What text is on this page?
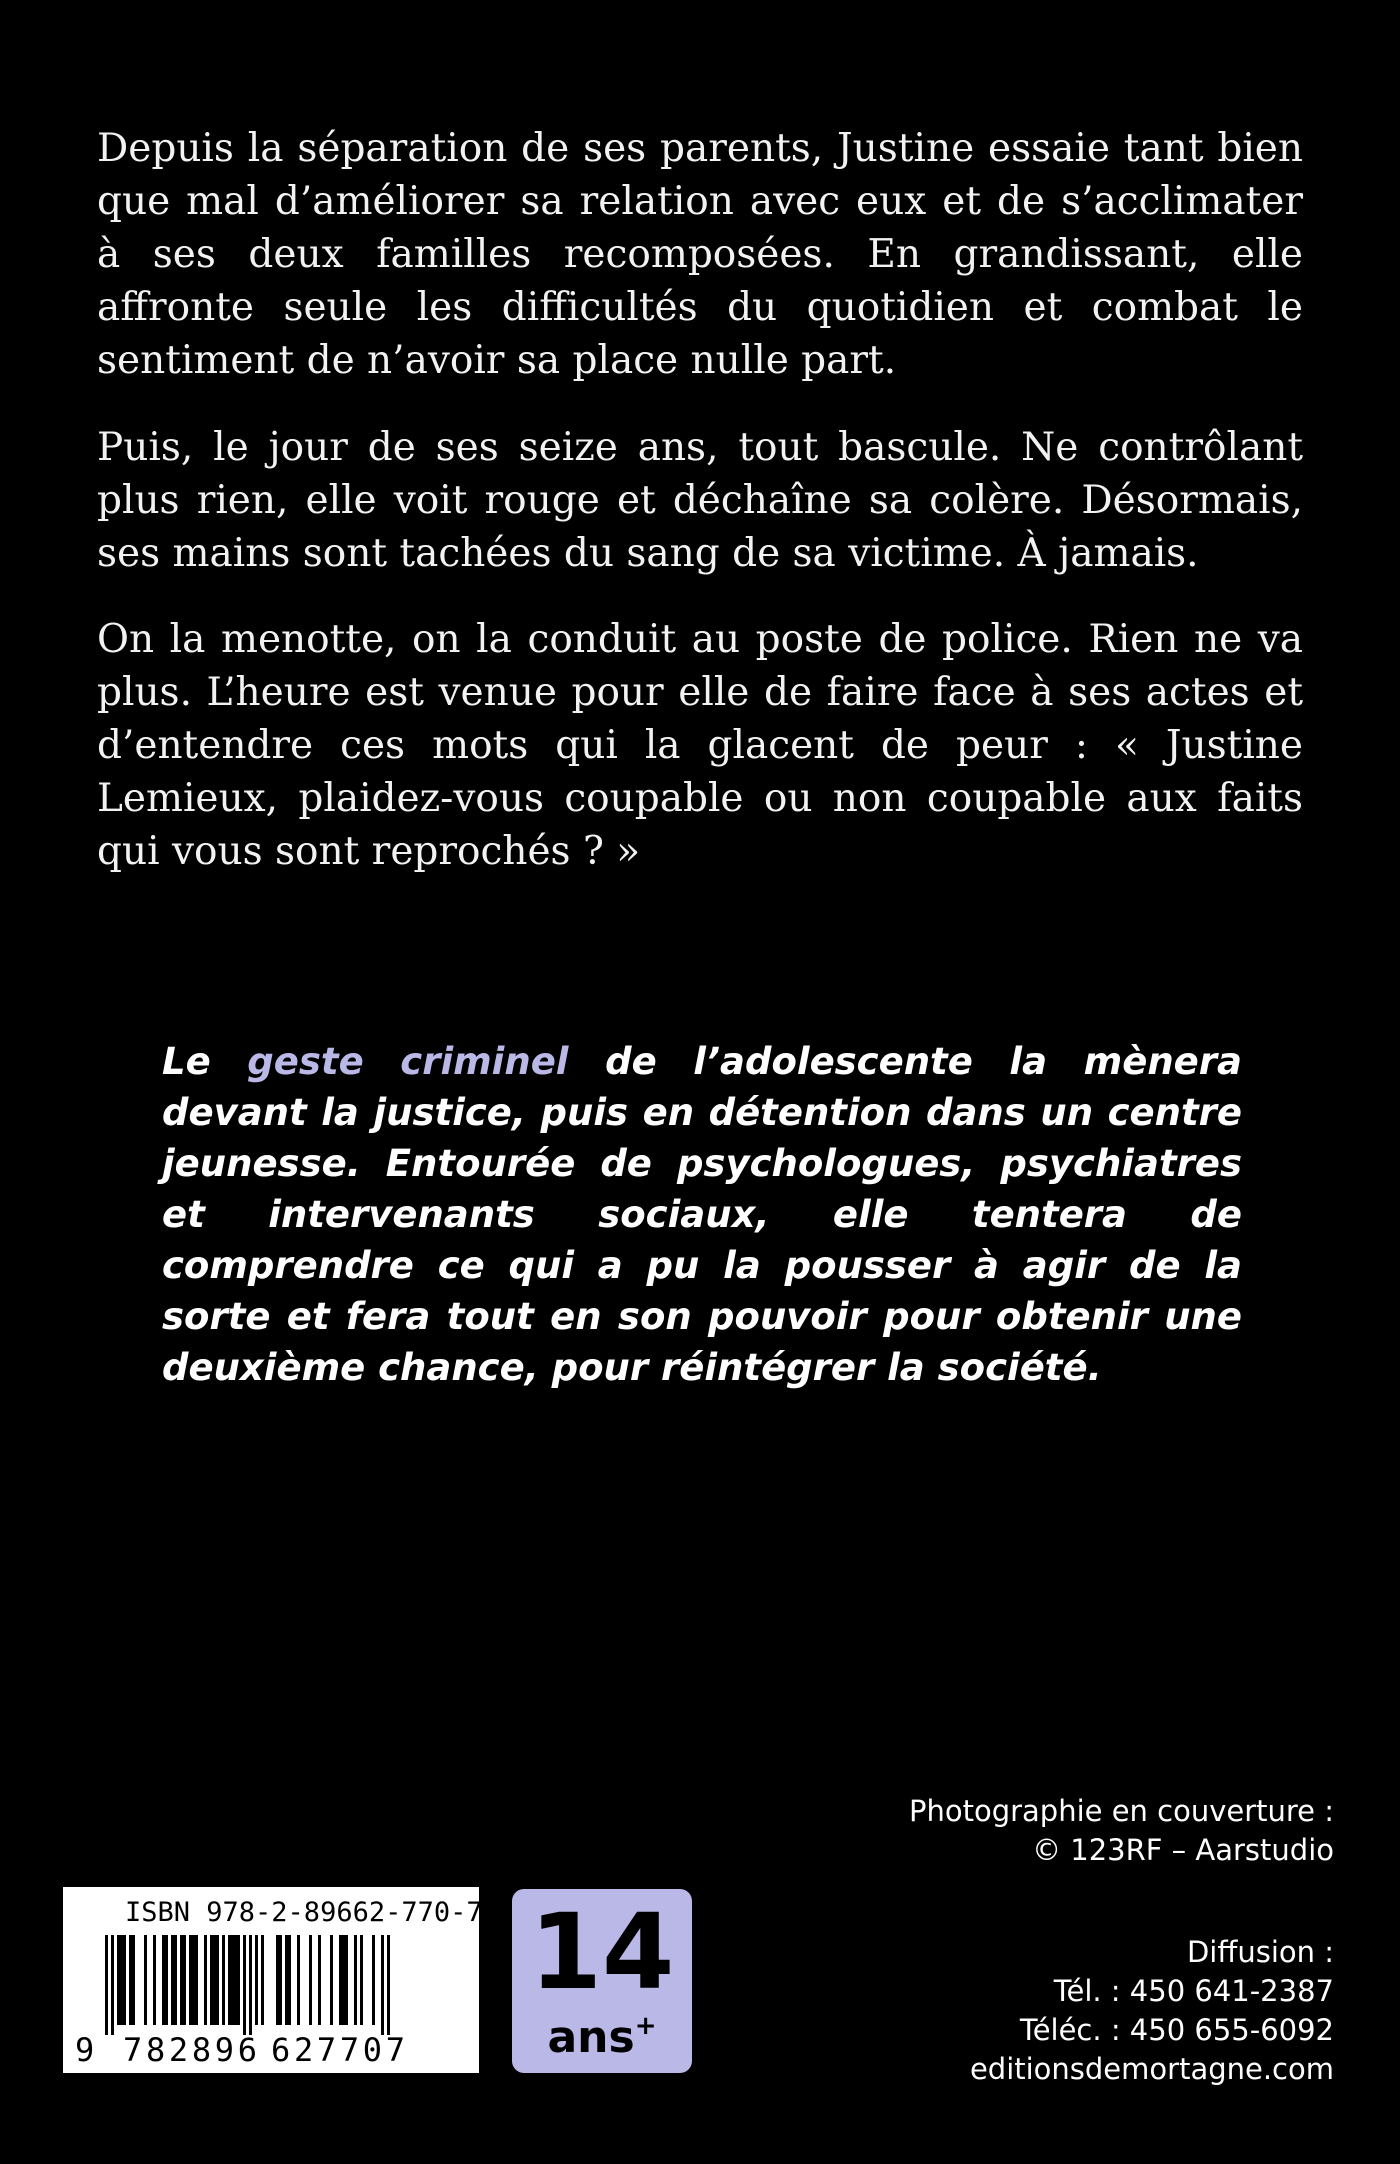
Depuis la séparation de ses parents, Justine essaie tant bien que mal d’améliorer sa relation avec eux et de s’acclimater à ses deux familles recomposées. En grandissant, elle affronte seule les difficultés du quotidien et combat le sentiment de n’avoir sa place nulle part.

Puis, le jour de ses seize ans, tout bascule. Ne contrôlant plus rien, elle voit rouge et déchaîne sa colère. Désormais, ses mains sont tachées du sang de sa victime. À jamais.

On la menotte, on la conduit au poste de police. Rien ne va plus. L’heure est venue pour elle de faire face à ses actes et d’entendre ces mots qui la glacent de peur : « Justine Lemieux, plaidez-vous coupable ou non coupable aux faits qui vous sont reprochés ? »

Le geste criminel de l’adolescente la mènera devant la justice, puis en détention dans un centre jeunesse. Entourée de psychologues, psychiatres et intervenants sociaux, elle tentera de comprendre ce qui a pu la pousser à agir de la sorte et fera tout en son pouvoir pour obtenir une deuxième chance, pour réintégrer la société.

Photographie en couverture :
© 123RF – Aarstudio
9 782896 627707
ISBN 978-2-89662-770-7 14
ans+
Diffusion :
Tél. : 450 641-2387
Téléc. : 450 655-6092
editionsdemortagne.com
